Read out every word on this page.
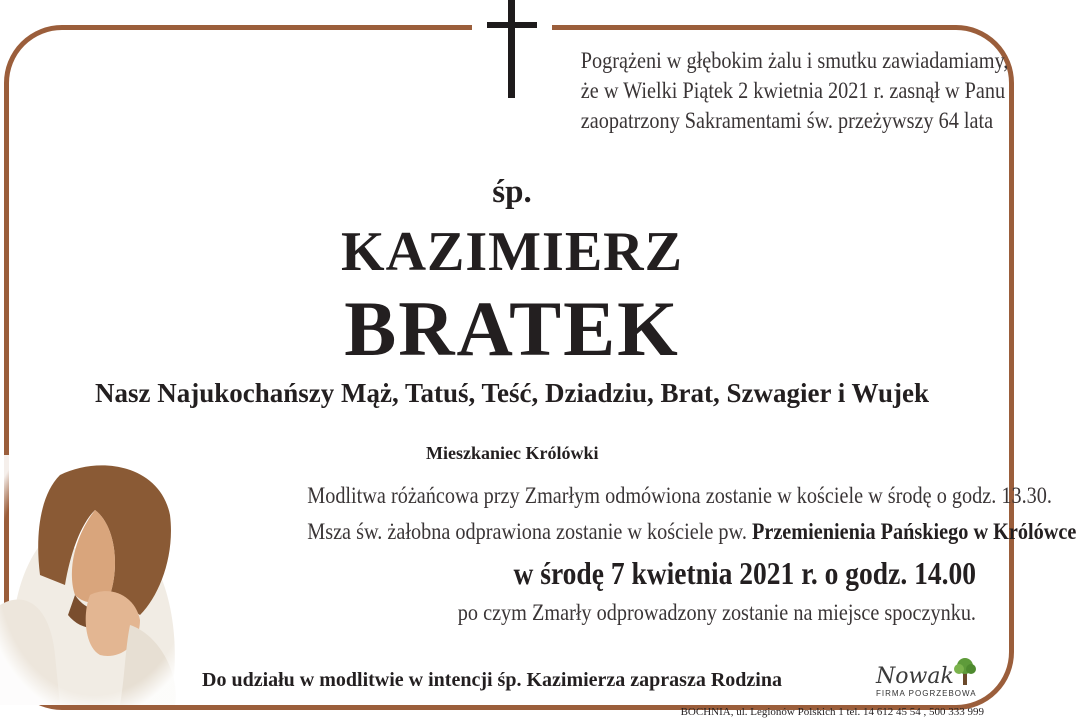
Pogrążeni w głębokim żalu i smutku zawiadamiamy,
że w Wielki Piątek 2 kwietnia 2021 r. zasnął w Panu
zaopatrzony Sakramentami św. przeżywszy 64 lata
śp.
KAZIMIERZ
BRATEK
Nasz Najukochańszy Mąż, Tatuś, Teść, Dziadziu, Brat, Szwagier i Wujek
Mieszkaniec Królówki
Modlitwa różańcowa przy Zmarłym odmówiona zostanie w kościele w środę o godz. 13.30.
Msza św. żałobna odprawiona zostanie w kościele pw. Przemienienia Pańskiego w Królówce
w środę 7 kwietnia 2021 r. o godz. 14.00
po czym Zmarły odprowadzony zostanie na miejsce spoczynku.
Do udziału w modlitwie w intencji śp. Kazimierza zaprasza Rodzina	Nowak
FIRMA POGRZEBOWA
BOCHNIA, ul. Legionów Polskich 1 tel. 14 612 45 54 , 500 333 999
